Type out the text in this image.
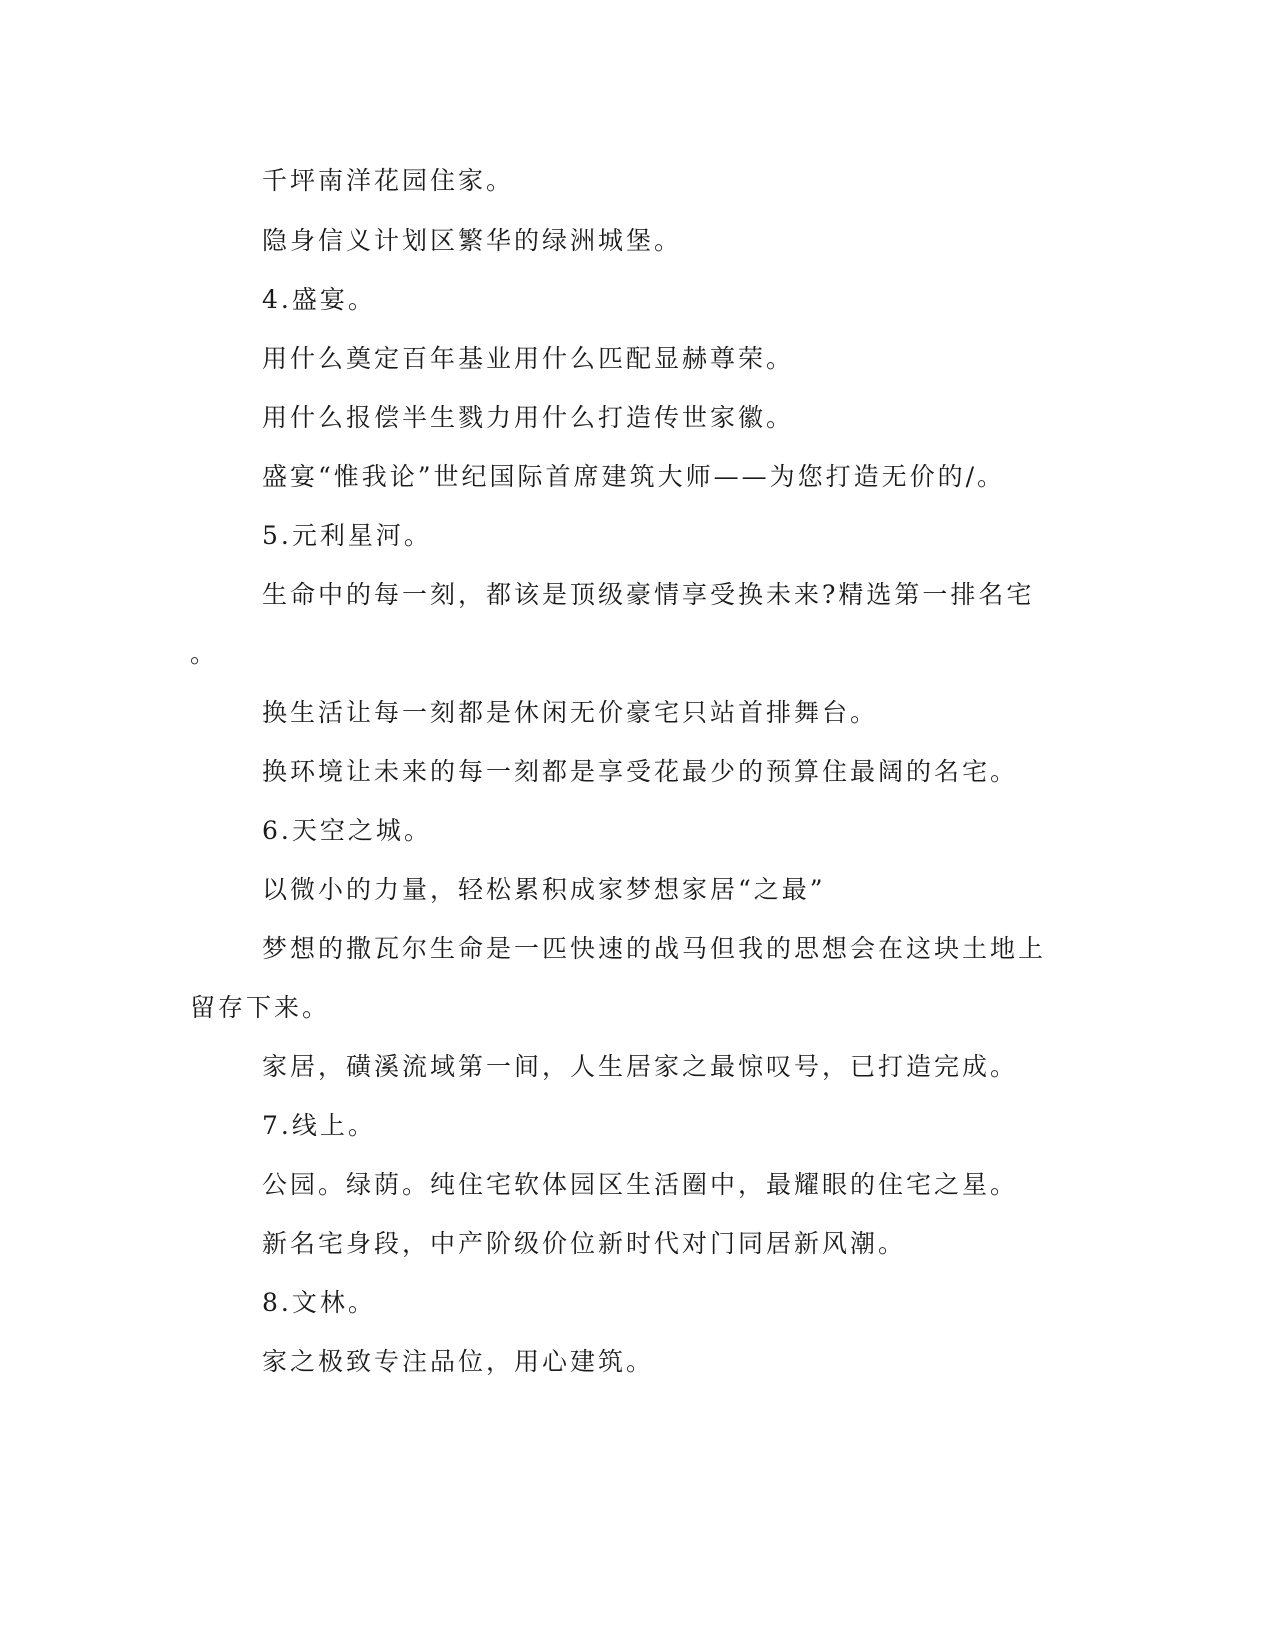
千坪南洋花园住家。
隐身信义计划区繁华的绿洲城堡。
4.盛宴。
用什么奠定百年基业用什么匹配显赫尊荣。
用什么报偿半生戮力用什么打造传世家徽。
盛宴“惟我论”世纪国际首席建筑大师——为您打造无价的/。
5.元利星河。
生命中的每一刻，都该是顶级豪情享受换未来?精选第一排名宅
。
换生活让每一刻都是休闲无价豪宅只站首排舞台。
换环境让未来的每一刻都是享受花最少的预算住最阔的名宅。
6.天空之城。
以微小的力量，轻松累积成家梦想家居“之最”
梦想的撒瓦尔生命是一匹快速的战马但我的思想会在这块土地上
留存下来。
家居，磺溪流域第一间，人生居家之最惊叹号，已打造完成。
7.线上。
公园。绿荫。纯住宅软体园区生活圈中，最耀眼的住宅之星。
新名宅身段，中产阶级价位新时代对门同居新风潮。
8.文林。
家之极致专注品位，用心建筑。
